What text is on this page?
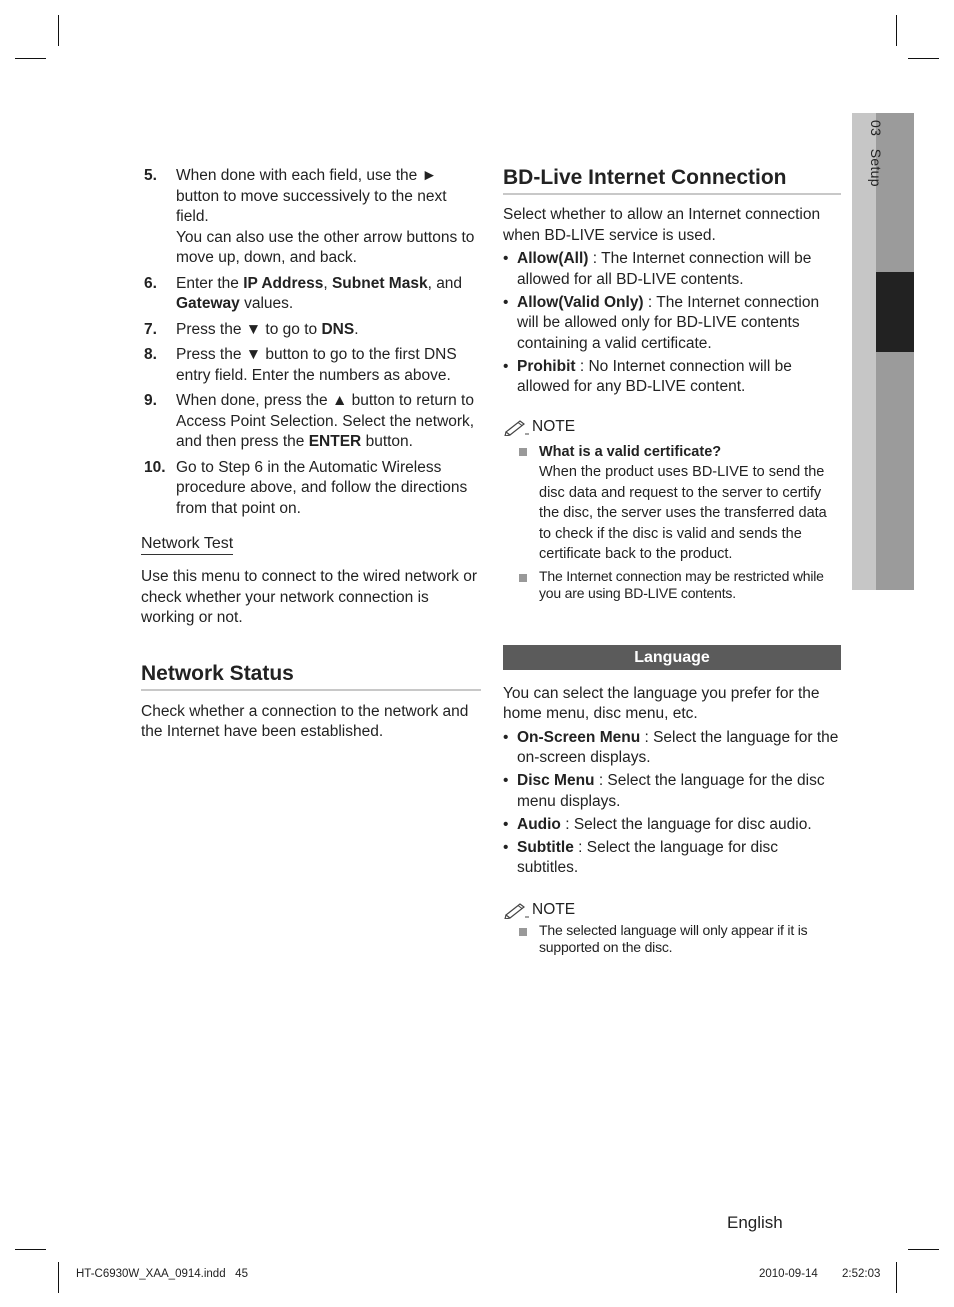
03   Setup
5.	When done with each field, use the ► button to move successively to the next field.
You can also use the other arrow buttons to move up, down, and back.
6.	Enter the IP Address, Subnet Mask, and Gateway values.
7.	Press the ▼ to go to DNS.
8.	Press the ▼ button to go to the first DNS entry field. Enter the numbers as above.
9.	When done, press the ▲ button to return to Access Point Selection. Select the network, and then press the ENTER button.
10. Go to Step 6 in the Automatic Wireless procedure above, and follow the directions from that point on.
Network Test

Use this menu to connect to the wired network or check whether your network connection is working or not.

Network Status

Check whether a connection to the network and the Internet have been established.

BD-Live Internet Connection

Select whether to allow an Internet connection when BD-LIVE service is used.

• Allow(All) : The Internet connection will be allowed for all BD-LIVE contents.
• Allow(Valid Only) : The Internet connection will be allowed only for BD-LIVE contents containing a valid certificate.
• Prohibit : No Internet connection will be allowed for any BD-LIVE content.
NOTE
What is a valid certificate?
When the product uses BD-LIVE to send the disc data and request to the server to certify the disc, the server uses the transferred data to check if the disc is valid and sends the certificate back to the product.
The Internet connection may be restricted while you are using BD-LIVE contents.
Language

You can select the language you prefer for the home menu, disc menu, etc.

• On-Screen Menu : Select the language for the on-screen displays.
• Disc Menu : Select the language for the disc menu displays.
• Audio : Select the language for disc audio.
• Subtitle : Select the language for disc subtitles.
NOTE
The selected language will only appear if it is supported on the disc.
English
HT-C6930W_XAA_0914.indd   45	2010-09-14 2:52:03
